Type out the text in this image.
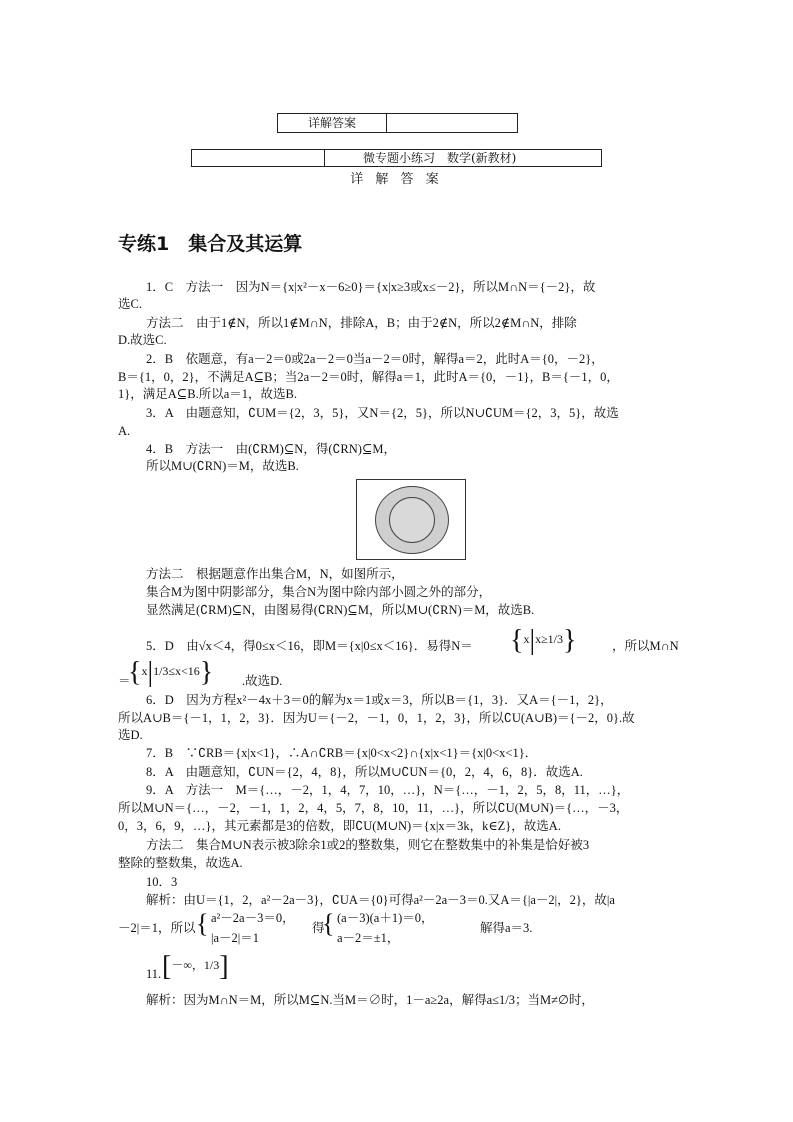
详解答案
微专题小练习　数学(新教材)
详 解 答 案
专练1　集合及其运算
1．C　方法一　因为N＝{x|x²－x－6≥0}＝{x|x≥3或x≤－2}，所以M∩N＝{－2}，故
选C.
方法二　由于1∉N，所以1∉M∩N，排除A，B；由于2∉N，所以2∉M∩N，排除
D.故选C.
2．B　依题意，有a－2＝0或2a－2＝0当a－2＝0时，解得a＝2，此时A＝{0，－2}，
B＝{1，0，2}，不满足A⊆B；当2a－2＝0时，解得a＝1，此时A＝{0，－1}，B＝{－1，0，
1}，满足A⊆B.所以a＝1，故选B.
3．A　由题意知，∁UM＝{2，3，5}，又N＝{2，5}，所以N∪∁UM＝{2，3，5}，故选
A.
4．B　方法一　由(∁RM)⊆N，得(∁RN)⊆M，
所以M∪(∁RN)＝M，故选B.
方法二　根据题意作出集合M，N，如图所示，
集合M为图中阴影部分，集合N为图中除内部小圆之外的部分，
显然满足(∁RM)⊆N，由图易得(∁RN)⊆M，所以M∪(∁RN)＝M，故选B.
5．D　由√x＜4，得0≤x＜16，即M＝{x|0≤x＜16}．易得N＝	{x|x≥1/3}	，所以M∩N
＝
{x|1/3≤x<16}	.故选D.
6．D　因为方程x²－4x＋3＝0的解为x＝1或x＝3，所以B＝{1，3}．又A＝{－1，2}，
所以A∪B＝{－1，1，2，3}．因为U＝{－2，－1，0，1，2，3}，所以∁U(A∪B)＝{－2，0}.故
选D.
7．B　∵∁RB＝{x|x<1}，∴A∩∁RB＝{x|0<x<2}∩{x|x<1}＝{x|0<x<1}．
8．A　由题意知，∁UN＝{2，4，8}，所以M∪∁UN＝{0，2，4，6，8}．故选A.
9．A　方法一　M＝{…，－2，1，4，7，10，…}，N＝{…，－1，2，5，8，11，…}，
所以M∪N＝{…，－2，－1，1，2，4，5，7，8，10，11，…}，所以∁U(M∪N)＝{…，－3，
0，3，6，9，…}，其元素都是3的倍数，即∁U(M∪N)＝{x|x＝3k，k∈Z}，故选A.
方法二　集合M∪N表示被3除余1或2的整数集，则它在整数集中的补集是恰好被3
整除的整数集，故选A.
10．3
解析：由U＝{1，2，a²－2a－3}，∁UA＝{0}可得a²－2a－3＝0.又A＝{|a－2|，2}，故|a
－2|＝1，所以 { a²－2a－3＝0，
|a－2|＝1
得
{ (a－3)(a＋1)＝0，
a－2＝±1，
解得a＝3.
11. [－∞，1/3]
解析：因为M∩N＝M，所以M⊆N.当M＝∅时，1－a≥2a，解得a≤1/3；当M≠∅时，
